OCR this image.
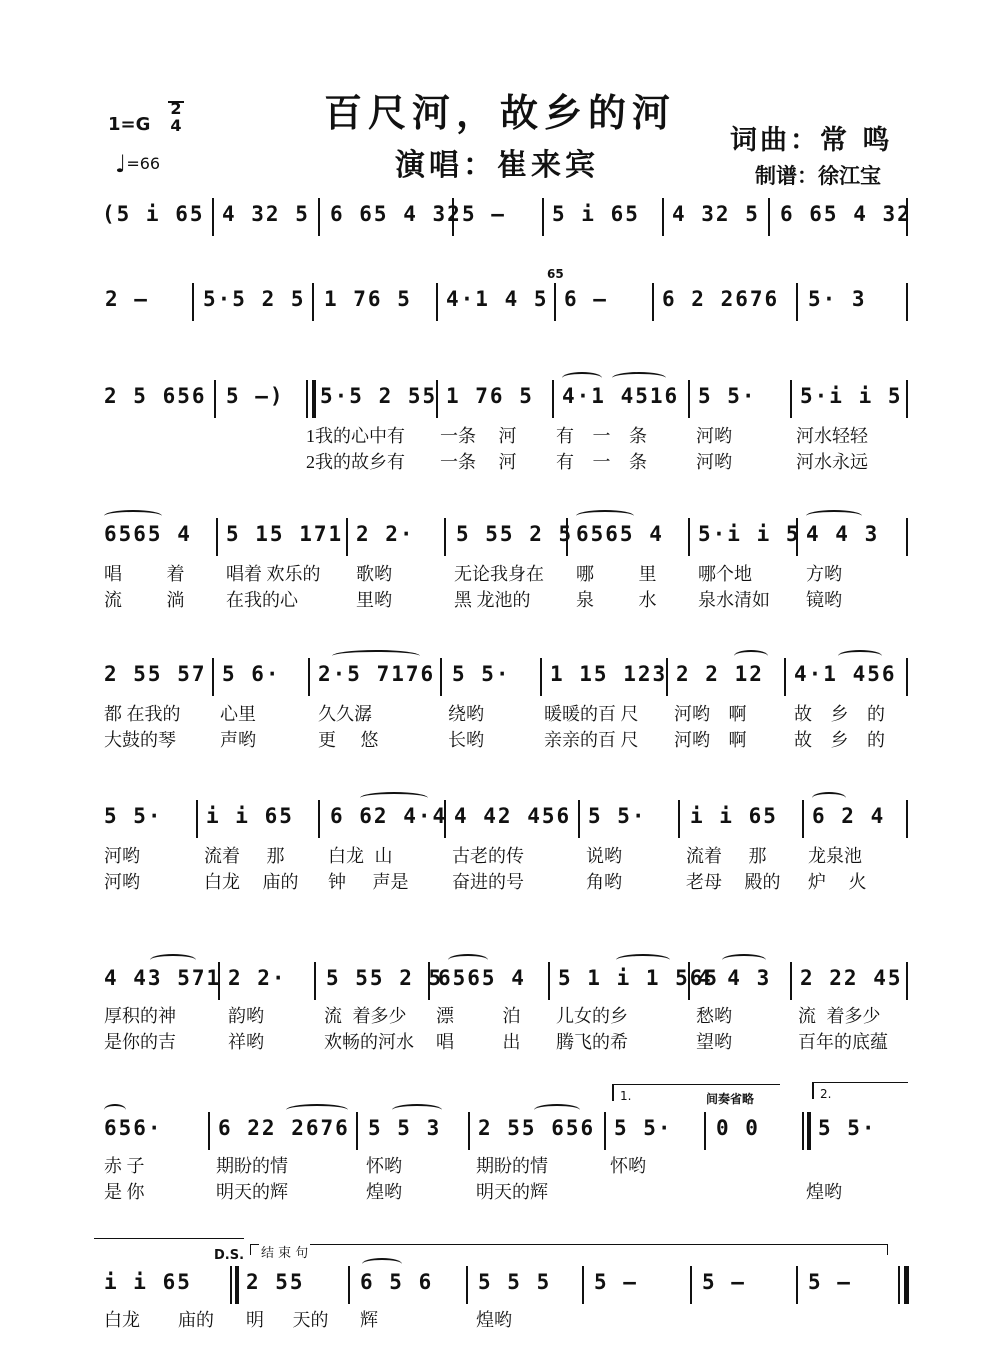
百尺河，故乡的河
演唱：崔来宾
词曲：常 鸣
制谱：徐江宝
1=G
2
4
♩=66
(5 i 65 4 32 5 6 65 4 32 5 – 5 i 65 4 32 5 6 65 4 32
2 –	5·5 2 5 1 76 5 4·1 4 5
65
6 –	6 2 2676 5· 3
2 5 656 5 –) 5·5 2 55 1 76 5 4·1 4516 5 5· 5·i i 5
1我的心中有 一条 河 有 一 条	河哟	河水轻轻
2我的故乡有 一条 河 有 一 条	河哟	河水永远
6565 4 5 15 171 2 2· 5 55 2 5 6565 4 5·i i 5 4 4 3
唱 着 唱着 欢乐的 歌哟	无论我身在 哪 里 哪个地	方哟
流 淌 在我的心	里哟	黑 龙池的	泉 水 泉水清如 镜哟
2 55 57 5 6· 2·5 7176 5 5· 1 15 123 2 2 12 4·1 456
都 在我的 心里	久久潺	绕哟	暖暖的百 尺 河哟 啊	故 乡 的
大鼓的琴 声哟	更 悠	长哟	亲亲的百 尺 河哟 啊	故 乡 的
5 5· i i 65 6 62 4·4 4 42 456 5 5· i i 65 6 2 4
河哟	流着 那 白龙 山	古老的传	说哟	流着 那 龙泉池
河哟	白龙 庙的 钟 声是 奋进的号	角哟	老母 殿的 炉 火
4 43 571 2 2· 5 55 2 5
6565 4 5 1 i 1 565
4 4 3 2 22 45
厚积的神	韵哟	流 着多少 漂 泊 儿女的乡	愁哟	流 着多少
是你的吉	祥哟	欢畅的河水 唱 出 腾飞的希	望哟	百年的底蕴
1.	间奏省略	2.
656·	6 22 2676 5 5 3 2 55 656 5 5· 0 0	5 5·
赤 子	期盼的情	怀哟	期盼的情	怀哟
是 你	明天的辉	煌哟	明天的辉	煌哟
D.S. 结 束 句
i i 65	2 55	6 5 6 5 5 5 5 –	5 –	5 –
白龙 庙的 明 天的 辉	煌哟
